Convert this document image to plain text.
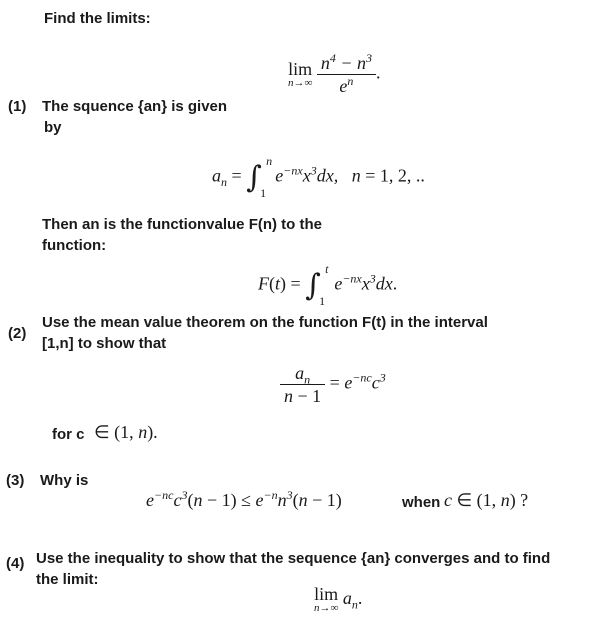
Find the limits:
lim
n→∞
$\frac{n^4 - n^3}{e^n}$ .
(1) The squence {an} is given
by
$a_n$ = ∫ n
1
$e^{-nx}x^3dx$,   n = 1, 2, ..
Then an is the functionvalue F(n) to the
function:
F(t) = ∫ t
1
$e^{-nx}x^3dx$.
Use the mean value theorem on the function F(t) in the interval
(2)
[1,n] to show that
$\frac{a_n}{n - 1} = e^{-nc}c^3$
for c ∈ (1, n).
(3) Why is
$e^{-nc}c^3(n - 1) \le e^{-n}n^3(n - 1)$	when c ∈ (1, n) ?
Use the inequality to show that the sequence {an} converges and to find
(4)
the limit:
lim
n→∞ $a_n$.
